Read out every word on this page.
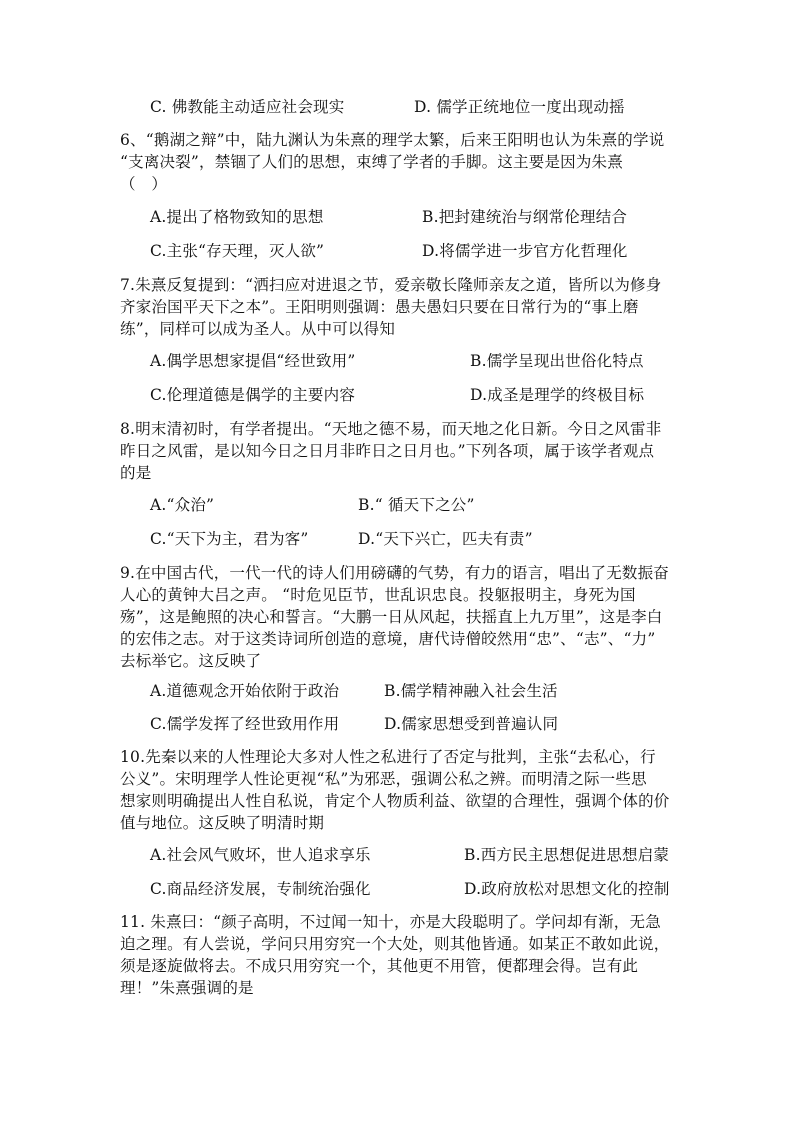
C. 佛教能主动适应社会现实	D. 儒学正统地位一度出现动摇
6、“鹅湖之辩”中，陆九渊认为朱熹的理学太繁，后来王阳明也认为朱熹的学说
“支离决裂”，禁锢了人们的思想，束缚了学者的手脚。这主要是因为朱熹
（　）
A.提出了格物致知的思想	B.把封建统治与纲常伦理结合
C.主张“存天理，灭人欲”	D.将儒学进一步官方化哲理化
7.朱熹反复提到：“洒扫应对进退之节，爱亲敬长隆师亲友之道，皆所以为修身
齐家治国平天下之本”。王阳明则强调：愚夫愚妇只要在日常行为的“事上磨
练”，同样可以成为圣人。从中可以得知
A.偶学思想家提倡“经世致用”	B.儒学呈现出世俗化特点
C.伦理道德是偶学的主要内容	D.成圣是理学的终极目标
8.明末清初时，有学者提出。“天地之德不易，而天地之化日新。今日之风雷非
昨日之风雷，是以知今日之日月非昨日之日月也。”下列各项，属于该学者观点
的是
A.“众治”	B.“ 循天下之公”
C.“天下为主，君为客”	D.“天下兴亡，匹夫有责”
9.在中国古代，一代一代的诗人们用磅礴的气势，有力的语言，唱出了无数振奋
人心的黄钟大吕之声。 “时危见臣节，世乱识忠良。投躯报明主，身死为国
殇”，这是鲍照的决心和誓言。“大鹏一日从风起，扶摇直上九万里”，这是李白
的宏伟之志。对于这类诗词所创造的意境，唐代诗僧皎然用“忠”、“志”、“力”
去标举它。这反映了
A.道德观念开始依附于政治	B.儒学精神融入社会生活
C.儒学发挥了经世致用作用	D.儒家思想受到普遍认同
10.先秦以来的人性理论大多对人性之私进行了否定与批判，主张“去私心，行
公义”。宋明理学人性论更视“私”为邪恶，强调公私之辨。而明清之际一些思
想家则明确提出人性自私说，肯定个人物质利益、欲望的合理性，强调个体的价
值与地位。这反映了明清时期
A.社会风气败坏，世人追求享乐	B.西方民主思想促进思想启蒙
C.商品经济发展，专制统治强化	D.政府放松对思想文化的控制
11. 朱熹曰：“颜子高明，不过闻一知十，亦是大段聪明了。学问却有渐，无急
迫之理。有人尝说，学问只用穷究一个大处，则其他皆通。如某正不敢如此说，
须是逐旋做将去。不成只用穷究一个，其他更不用管，便都理会得。岂有此
理！”朱熹强调的是
